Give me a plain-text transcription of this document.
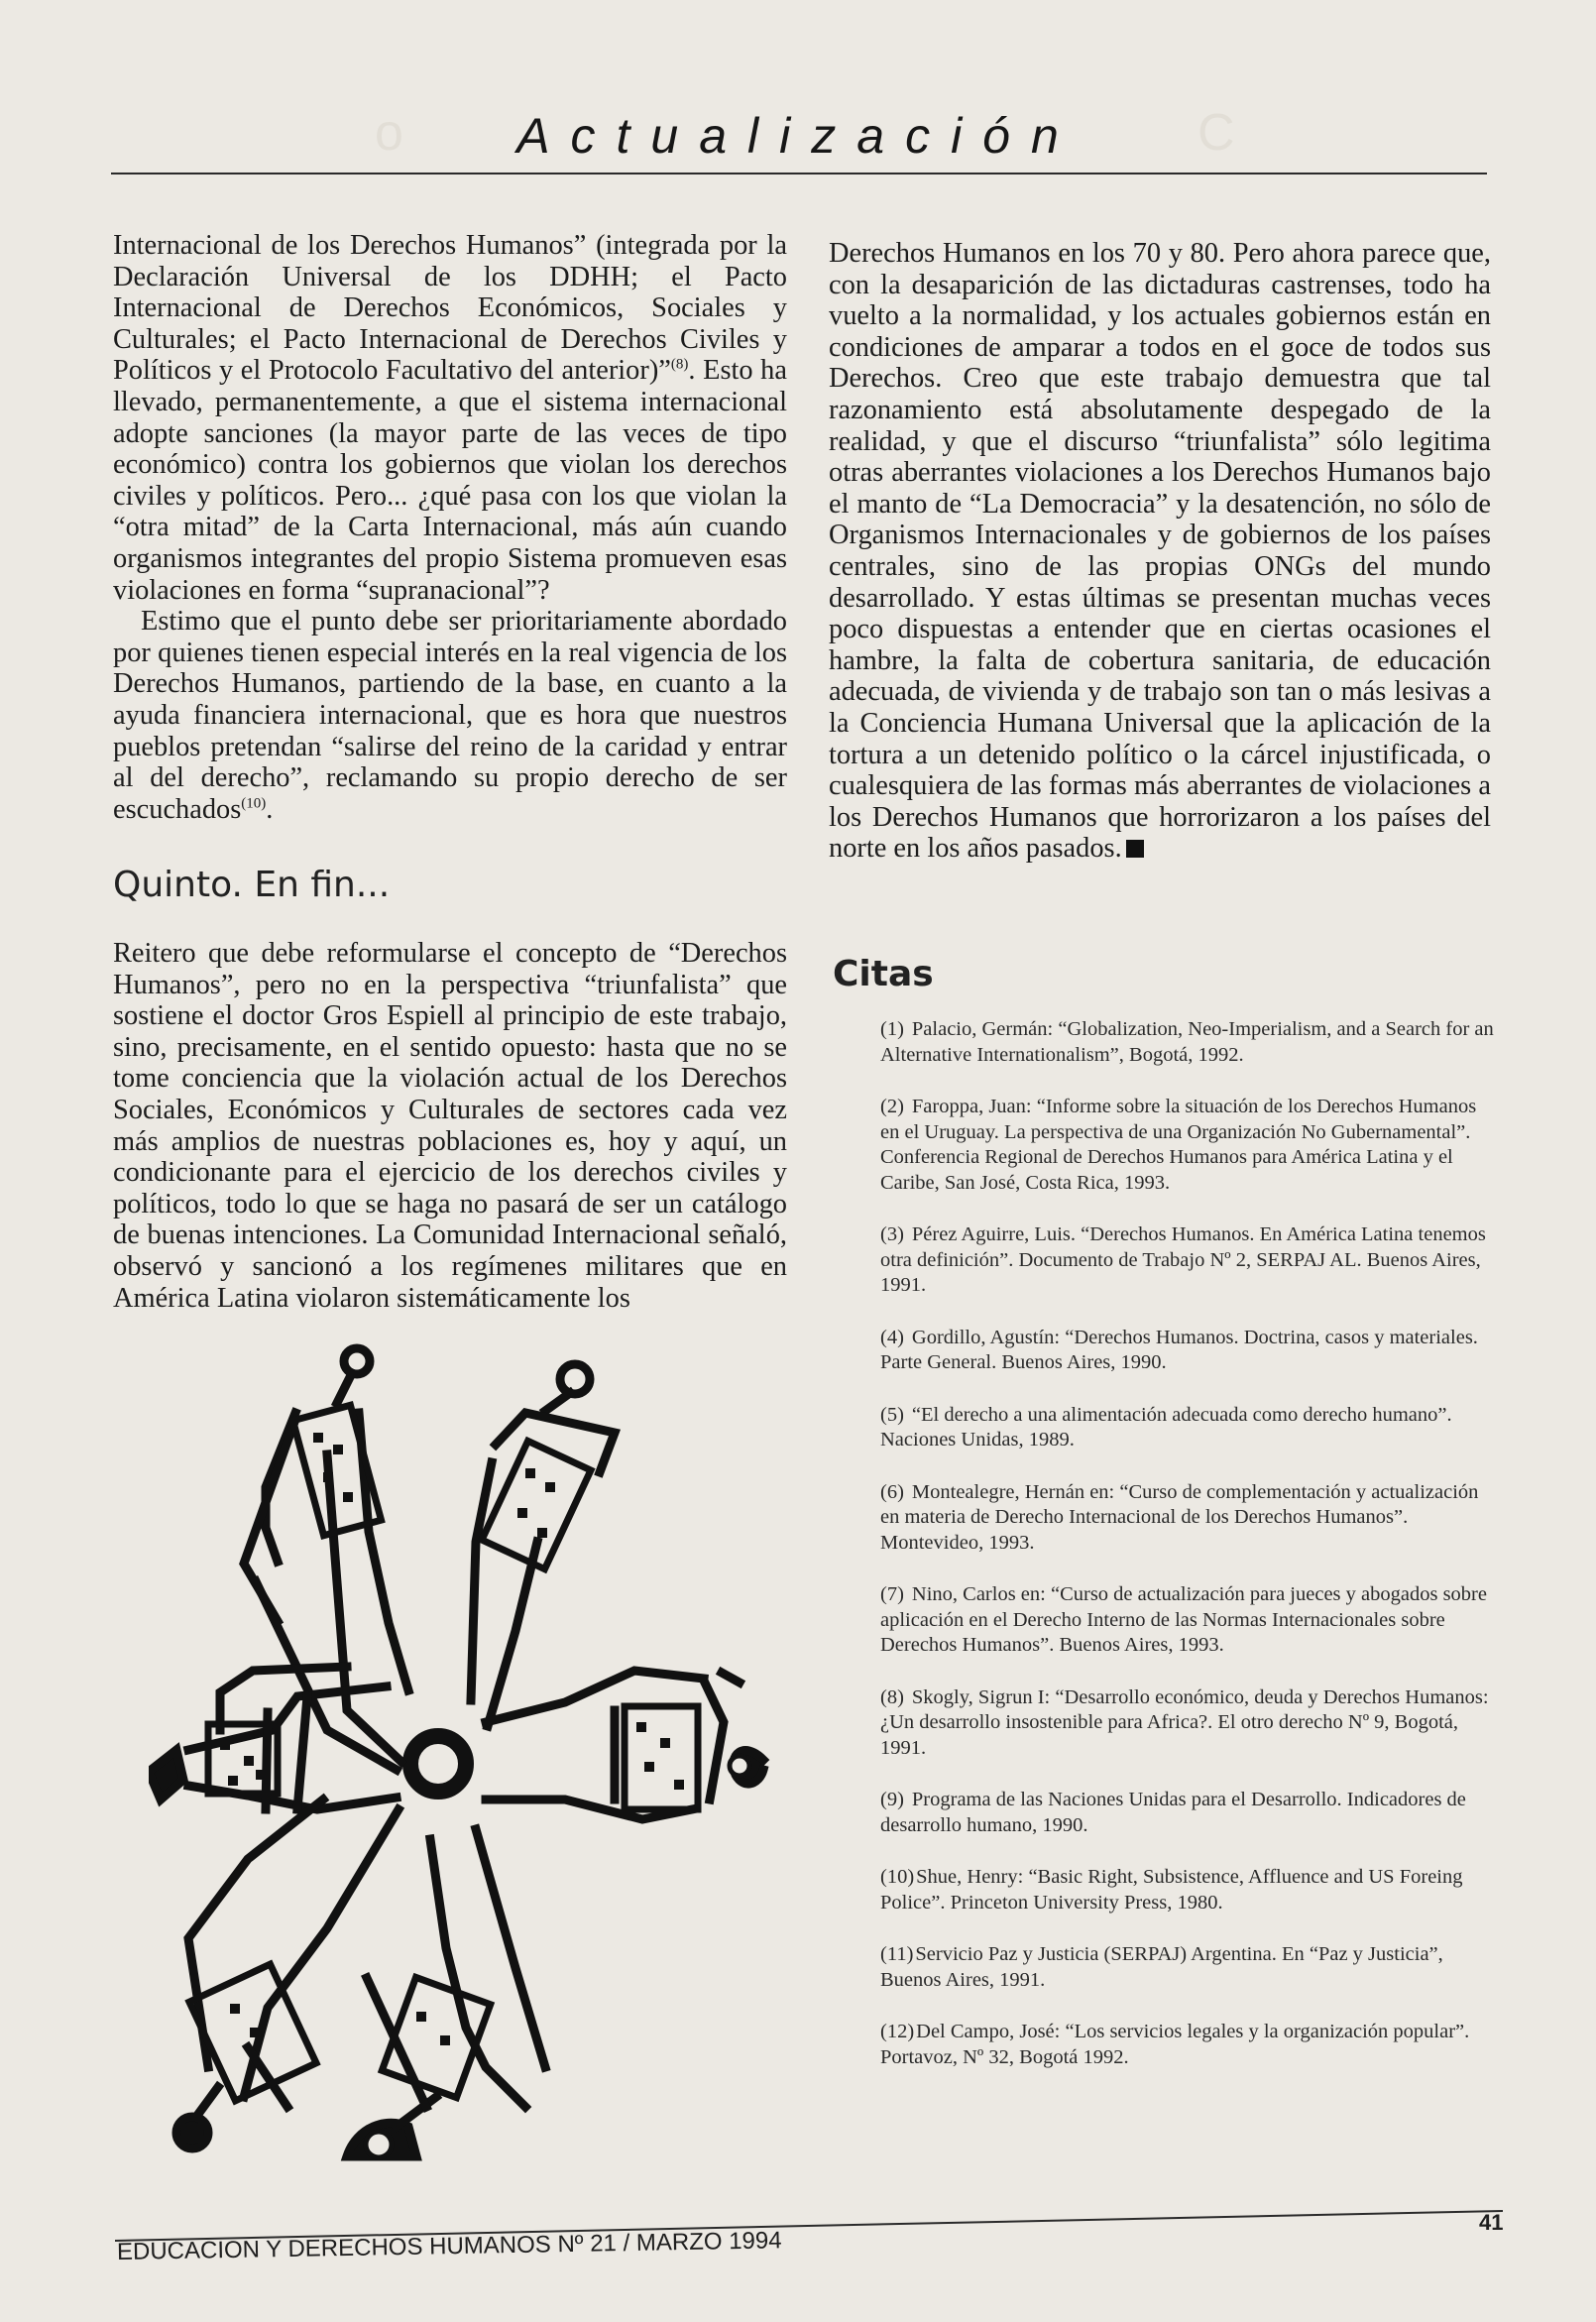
o	C
Actualización

Internacional de los Derechos Humanos” (integrada por la Declaración Universal de los DDHH; el Pacto Internacional de Derechos Económicos, Sociales y Culturales; el Pacto Internacional de Derechos Civiles y Políticos y el Protocolo Facultativo del anterior)”$^{(8)}$. Esto ha llevado, permanentemente, a que el sistema internacional adopte sanciones (la mayor parte de las veces de tipo económico) contra los gobiernos que violan los derechos civiles y políticos. Pero... ¿qué pasa con los que violan la “otra mitad” de la Carta Internacional, más aún cuando organismos integrantes del propio Sistema promueven esas violaciones en forma “supranacional”?

Estimo que el punto debe ser prioritariamente abordado por quienes tienen especial interés en la real vigencia de los Derechos Humanos, partiendo de la base, en cuanto a la ayuda financiera internacional, que es hora que nuestros pueblos pretendan “salirse del reino de la caridad y entrar al del derecho”, reclamando su propio derecho de ser escuchados$^{(10)}$.

Quinto. En fin...

Reitero que debe reformularse el concepto de “Derechos Humanos”, pero no en la perspectiva “triunfalista” que sostiene el doctor Gros Espiell al principio de este trabajo, sino, precisamente, en el sentido opuesto: hasta que no se tome conciencia que la violación actual de los Derechos Sociales, Económicos y Culturales de sectores cada vez más amplios de nuestras poblaciones es, hoy y aquí, un condicionante para el ejercicio de los derechos civiles y políticos, todo lo que se haga no pasará de ser un catálogo de buenas intenciones. La Comunidad Internacional señaló, observó y sancionó a los regímenes militares que en América Latina violaron sistemáticamente los

Derechos Humanos en los 70 y 80. Pero ahora parece que, con la desaparición de las dictaduras castrenses, todo ha vuelto a la normalidad, y los actuales gobiernos están en condiciones de amparar a todos en el goce de todos sus Derechos. Creo que este trabajo demuestra que tal razonamiento está absolutamente despegado de la realidad, y que el discurso “triunfalista” sólo legitima otras aberrantes violaciones a los Derechos Humanos bajo el manto de “La Democracia” y la desatención, no sólo de Organismos Internacionales y de gobiernos de los países centrales, sino de las propias ONGs del mundo desarrollado. Y estas últimas se presentan muchas veces poco dispuestas a entender que en ciertas ocasiones el hambre, la falta de cobertura sanitaria, de educación adecuada, de vivienda y de trabajo son tan o más lesivas a la Conciencia Humana Universal que la aplicación de la tortura a un detenido político o la cárcel injustificada, o cualesquiera de las formas más aberrantes de violaciones a los Derechos Humanos que horrorizaron a los países del norte en los años pasados.

Citas
(1) Palacio, Germán: “Globalization, Neo-Imperialism, and a Search for an Alternative Internationalism”, Bogotá, 1992.
(2) Faroppa, Juan: “Informe sobre la situación de los Derechos Humanos en el Uruguay. La perspectiva de una Organización No Gubernamental”. Conferencia Regional de Derechos Humanos para América Latina y el Caribe, San José, Costa Rica, 1993.
(3) Pérez Aguirre, Luis. “Derechos Humanos. En América Latina tenemos otra definición”. Documento de Trabajo Nº 2, SERPAJ AL. Buenos Aires, 1991.
(4) Gordillo, Agustín: “Derechos Humanos. Doctrina, casos y materiales. Parte General. Buenos Aires, 1990.
(5) “El derecho a una alimentación adecuada como derecho humano”. Naciones Unidas, 1989.
(6) Montealegre, Hernán en: “Curso de complementación y actualización en materia de Derecho Internacional de los Derechos Humanos”. Montevideo, 1993.
(7) Nino, Carlos en: “Curso de actualización para jueces y abogados sobre aplicación en el Derecho Interno de las Normas Internacionales sobre Derechos Humanos”. Buenos Aires, 1993.
(8) Skogly, Sigrun I: “Desarrollo económico, deuda y Derechos Humanos: ¿Un desarrollo insostenible para Africa?. El otro derecho Nº 9, Bogotá, 1991.
(9) Programa de las Naciones Unidas para el Desarrollo. Indicadores de desarrollo humano, 1990.
(10)Shue, Henry: “Basic Right, Subsistence, Affluence and US Foreing Police”. Princeton University Press, 1980.
(11)Servicio Paz y Justicia (SERPAJ) Argentina. En “Paz y Justicia”, Buenos Aires, 1991.
(12)Del Campo, José: “Los servicios legales y la organización popular”. Portavoz, Nº 32, Bogotá 1992.
EDUCACION Y DERECHOS HUMANOS Nº 21 / MARZO 1994
41
